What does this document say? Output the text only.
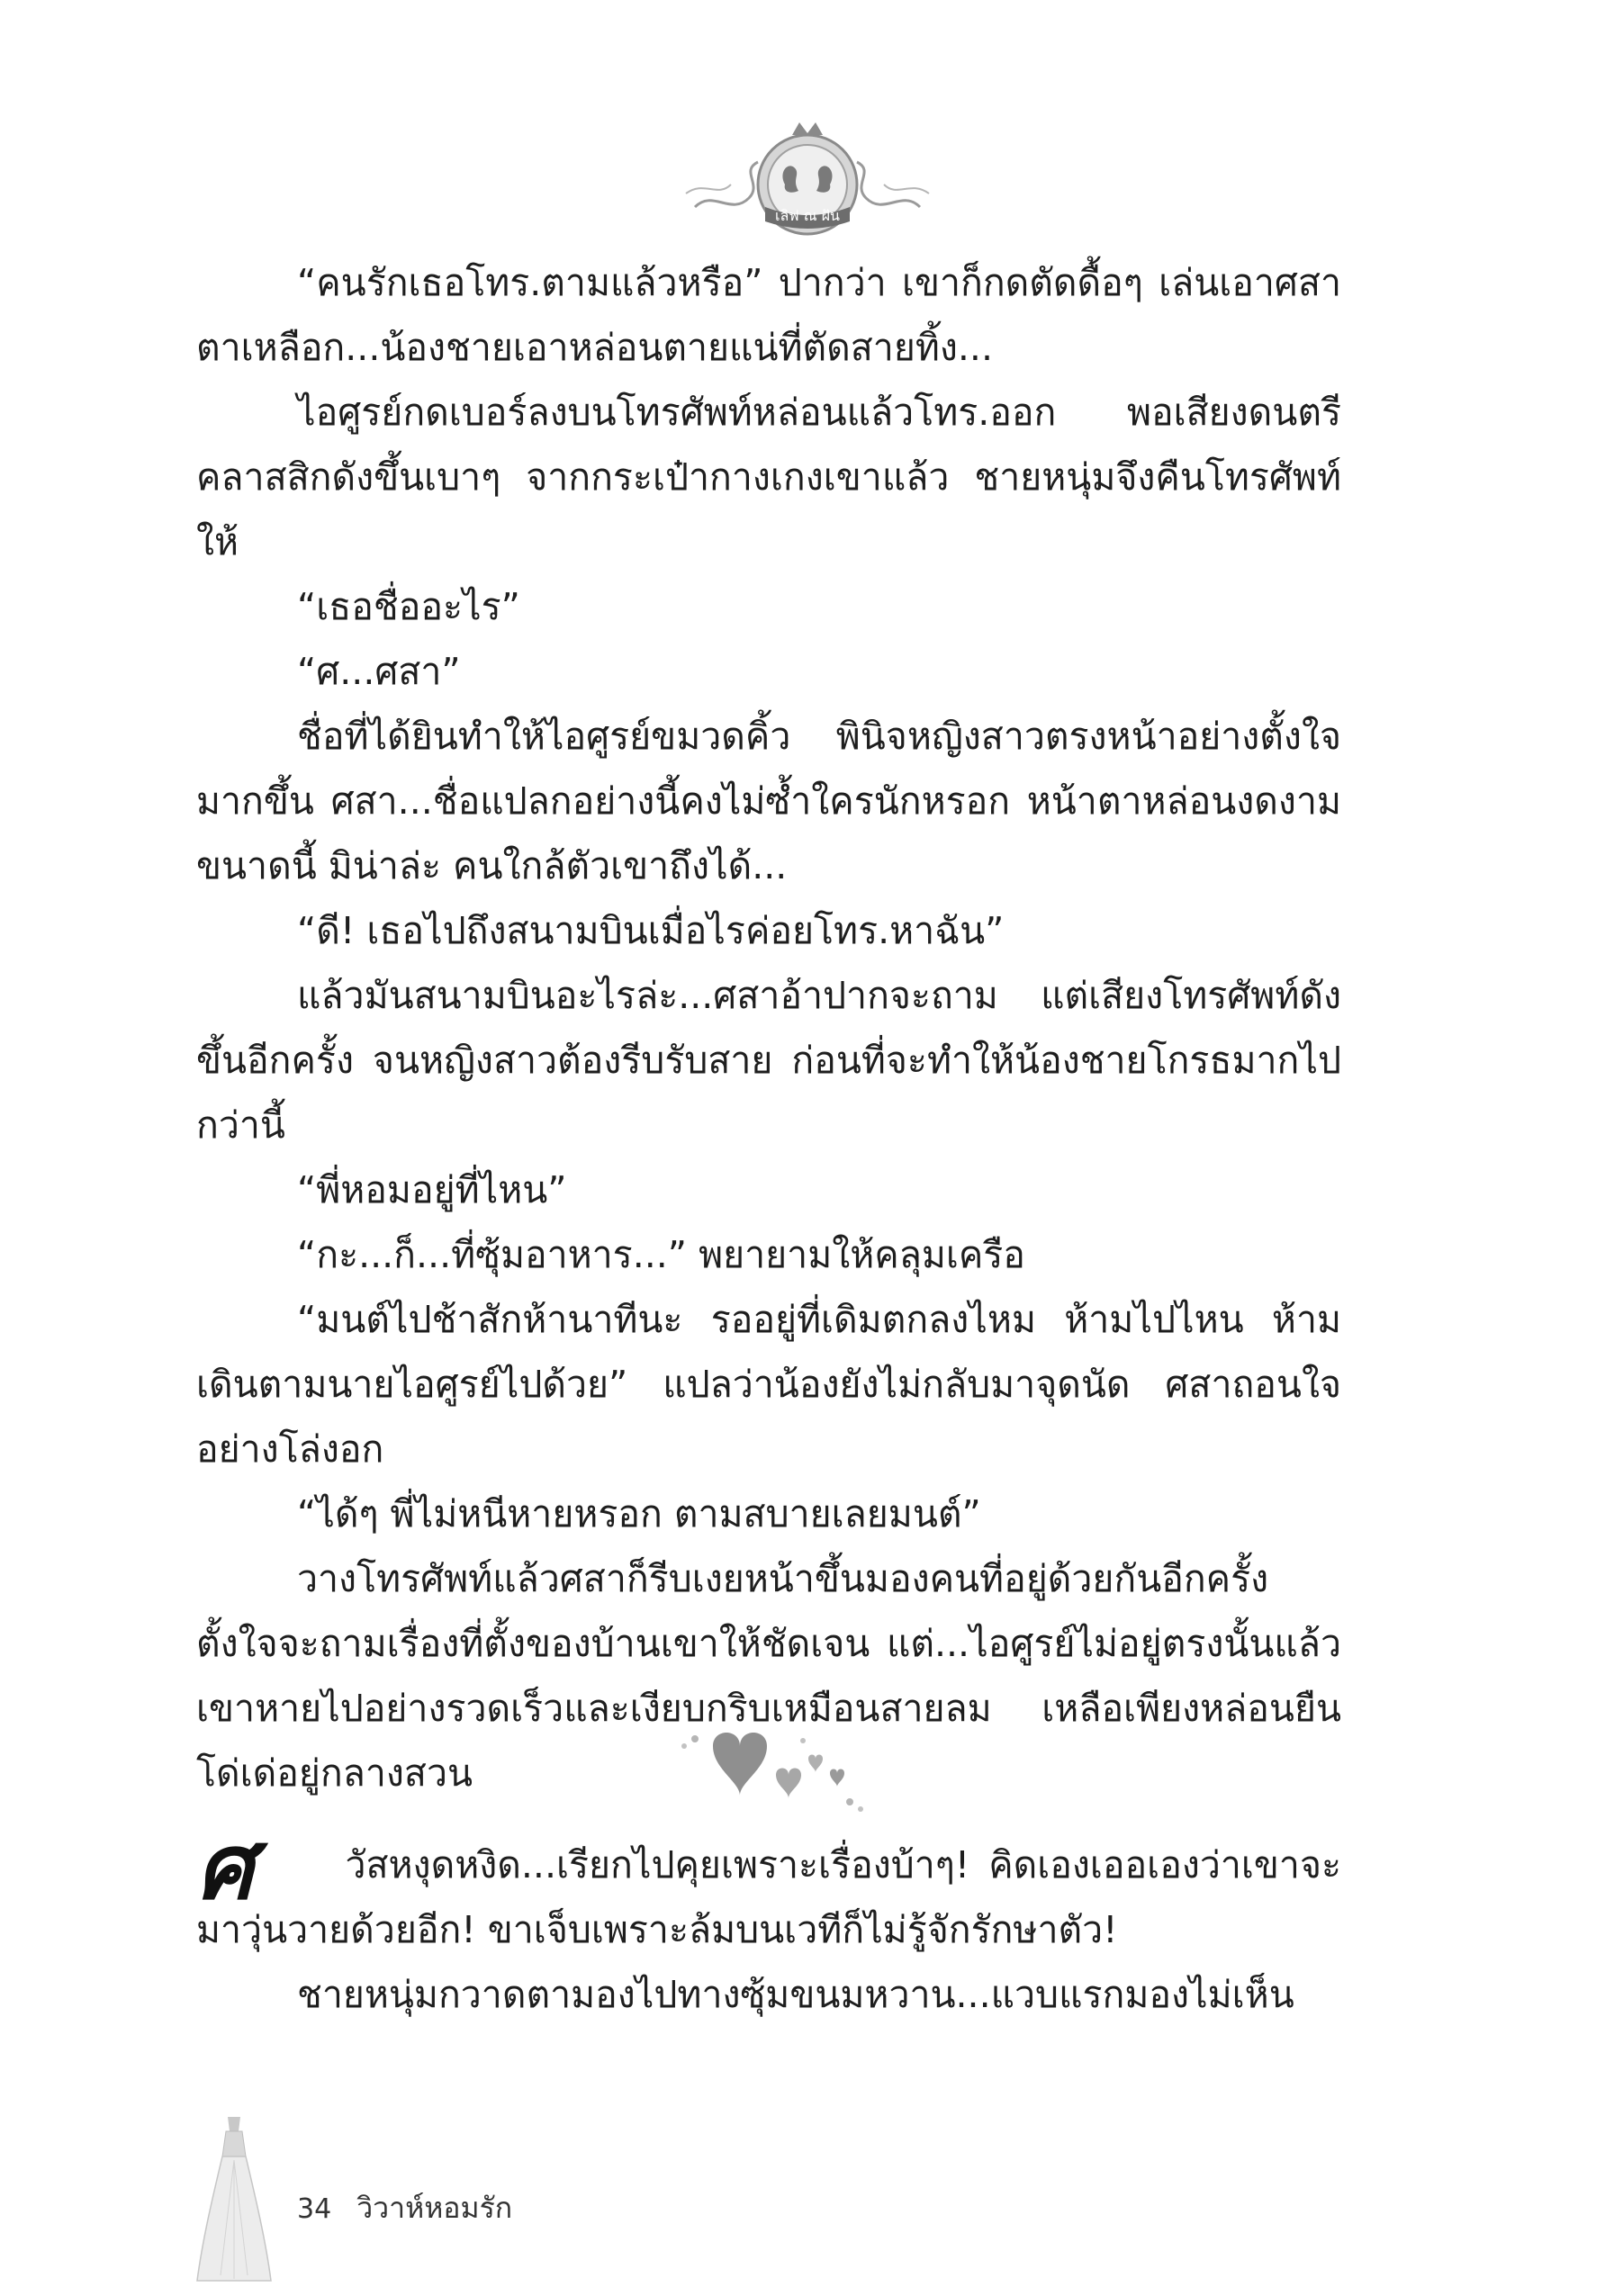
เลิฟ ณ ฝัน

“คนรักเธอโทร.ตามแล้วหรือ” ปากว่า เขาก็กดตัดดื้อๆ เล่นเอาศสาตาเหลือก...น้องชายเอาหล่อนตายแน่ที่ตัดสายทิ้ง...

ไอศูรย์กดเบอร์ลงบนโทรศัพท์หล่อนแล้วโทร.ออก พอเสียงดนตรีคลาสสิกดังขึ้นเบาๆ จากกระเป๋ากางเกงเขาแล้ว ชายหนุ่มจึงคืนโทรศัพท์ให้

“เธอชื่ออะไร”

“ศ...ศสา”

ชื่อที่ได้ยินทำให้ไอศูรย์ขมวดคิ้ว พินิจหญิงสาวตรงหน้าอย่างตั้งใจมากขึ้น ศสา...ชื่อแปลกอย่างนี้คงไม่ซ้ำใครนักหรอก หน้าตาหล่อนงดงามขนาดนี้ มิน่าล่ะ คนใกล้ตัวเขาถึงได้...

“ดี! เธอไปถึงสนามบินเมื่อไรค่อยโทร.หาฉัน”

แล้วมันสนามบินอะไรล่ะ...ศสาอ้าปากจะถาม แต่เสียงโทรศัพท์ดังขึ้นอีกครั้ง จนหญิงสาวต้องรีบรับสาย ก่อนที่จะทำให้น้องชายโกรธมากไปกว่านี้

“พี่หอมอยู่ที่ไหน”

“กะ...ก็...ที่ซุ้มอาหาร...” พยายามให้คลุมเครือ

“มนต์ไปช้าสักห้านาทีนะ รออยู่ที่เดิมตกลงไหม ห้ามไปไหน ห้ามเดินตามนายไอศูรย์ไปด้วย” แปลว่าน้องยังไม่กลับมาจุดนัด ศสาถอนใจอย่างโล่งอก

“ได้ๆ พี่ไม่หนีหายหรอก ตามสบายเลยมนต์”

วางโทรศัพท์แล้วศสาก็รีบเงยหน้าขึ้นมองคนที่อยู่ด้วยกันอีกครั้ง ตั้งใจจะถามเรื่องที่ตั้งของบ้านเขาให้ชัดเจน แต่...ไอศูรย์ไม่อยู่ตรงนั้นแล้ว เขาหายไปอย่างรวดเร็วและเงียบกริบเหมือนสายลม เหลือเพียงหล่อนยืนโด่เด่อยู่กลางสวน

ศ วัสหงุดหงิด...เรียกไปคุยเพราะเรื่องบ้าๆ! คิดเองเออเองว่าเขาจะมาวุ่นวายด้วยอีก! ขาเจ็บเพราะล้มบนเวทีก็ไม่รู้จักรักษาตัว!

ชายหนุ่มกวาดตามองไปทางซุ้มขนมหวาน...แวบแรกมองไม่เห็น

34 วิวาห์หอมรัก
